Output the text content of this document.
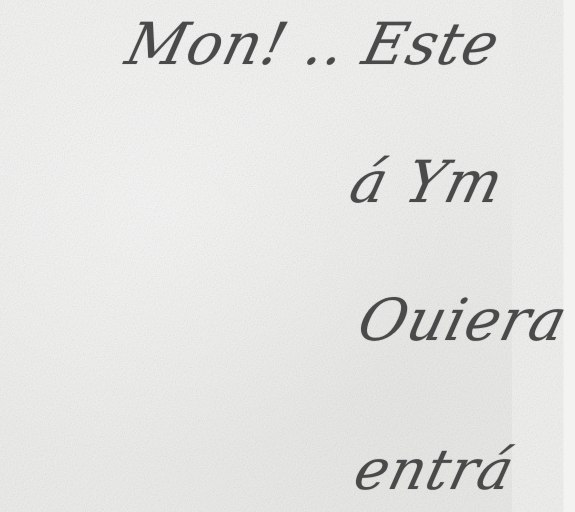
Mon! .. Este
á Ym
Ouiera
entrá
